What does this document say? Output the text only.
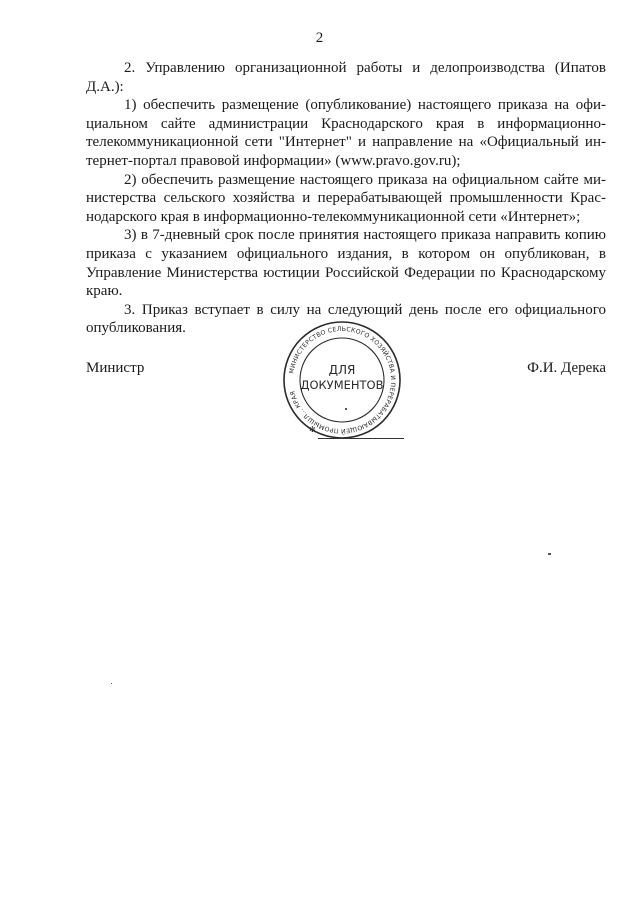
2

2. Управлению организационной работы и делопроизводства (Ипатов Д.А.):

1) обеспечить размещение (опубликование) настоящего приказа на официальном сайте администрации Краснодарского края в информационно-телекоммуникационной сети "Интернет" и направление на «Официальный интернет-портал правовой информации» (www.pravo.gov.ru);

2) обеспечить размещение настоящего приказа на официальном сайте министерства сельского хозяйства и перерабатывающей промышленности Краснодарского края в информационно-телекоммуникационной сети «Интернет»;

3) в 7-дневный срок после принятия настоящего приказа направить копию приказа с указанием официального издания, в котором он опубликован, в Управление Министерства юстиции Российской Федерации по Краснодарскому краю.

3. Приказ вступает в силу на следующий день после его официального опубликования.

Министр	Ф.И. Дерека
МИНИСТЕРСТВО СЕЛЬСКОГО ХОЗЯЙСТВА И ПЕРЕРАБАТЫВАЮЩЕЙ ПРОМЫШЛ... КРАЯ
ДЛЯ
ДОКУМЕНТОВ
✻
